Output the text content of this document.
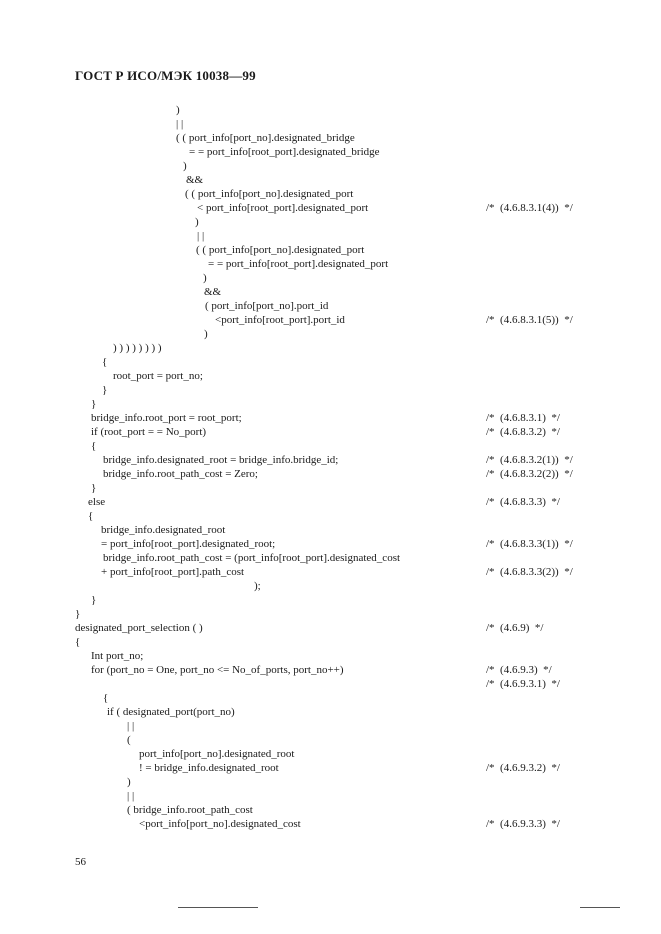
ГОСТ Р ИСО/МЭК 10038—99
)
| |
( ( port_info[port_no].designated_bridge
= = port_info[root_port].designated_bridge
)
&&
( ( port_info[port_no].designated_port
< port_info[root_port].designated_port	/*  (4.6.8.3.1(4))  */
)
| |
( ( port_info[port_no].designated_port
= = port_info[root_port].designated_port
)
&&
( port_info[port_no].port_id
<port_info[root_port].port_id	/*  (4.6.8.3.1(5))  */
)
) ) ) ) ) ) ) )
{
root_port = port_no;
}
}
bridge_info.root_port = root_port;	/*  (4.6.8.3.1)  */
if (root_port = = No_port)	/*  (4.6.8.3.2)  */
{
bridge_info.designated_root = bridge_info.bridge_id;	/*  (4.6.8.3.2(1))  */
bridge_info.root_path_cost = Zero;	/*  (4.6.8.3.2(2))  */
}
else	/*  (4.6.8.3.3)  */
{
bridge_info.designated_root
= port_info[root_port].designated_root;	/*  (4.6.8.3.3(1))  */
bridge_info.root_path_cost = (port_info[root_port].designated_cost
+ port_info[root_port].path_cost	/*  (4.6.8.3.3(2))  */
);
}
}
designated_port_selection ( )	/*  (4.6.9)  */
{
Int port_no;
for (port_no = One, port_no <= No_of_ports, port_no++)	/*  (4.6.9.3)  */
/*  (4.6.9.3.1)  */
{
if ( designated_port(port_no)
| |
(
port_info[port_no].designated_root
! = bridge_info.designated_root	/*  (4.6.9.3.2)  */
)
| |
( bridge_info.root_path_cost
<port_info[port_no].designated_cost	/*  (4.6.9.3.3)  */
56
